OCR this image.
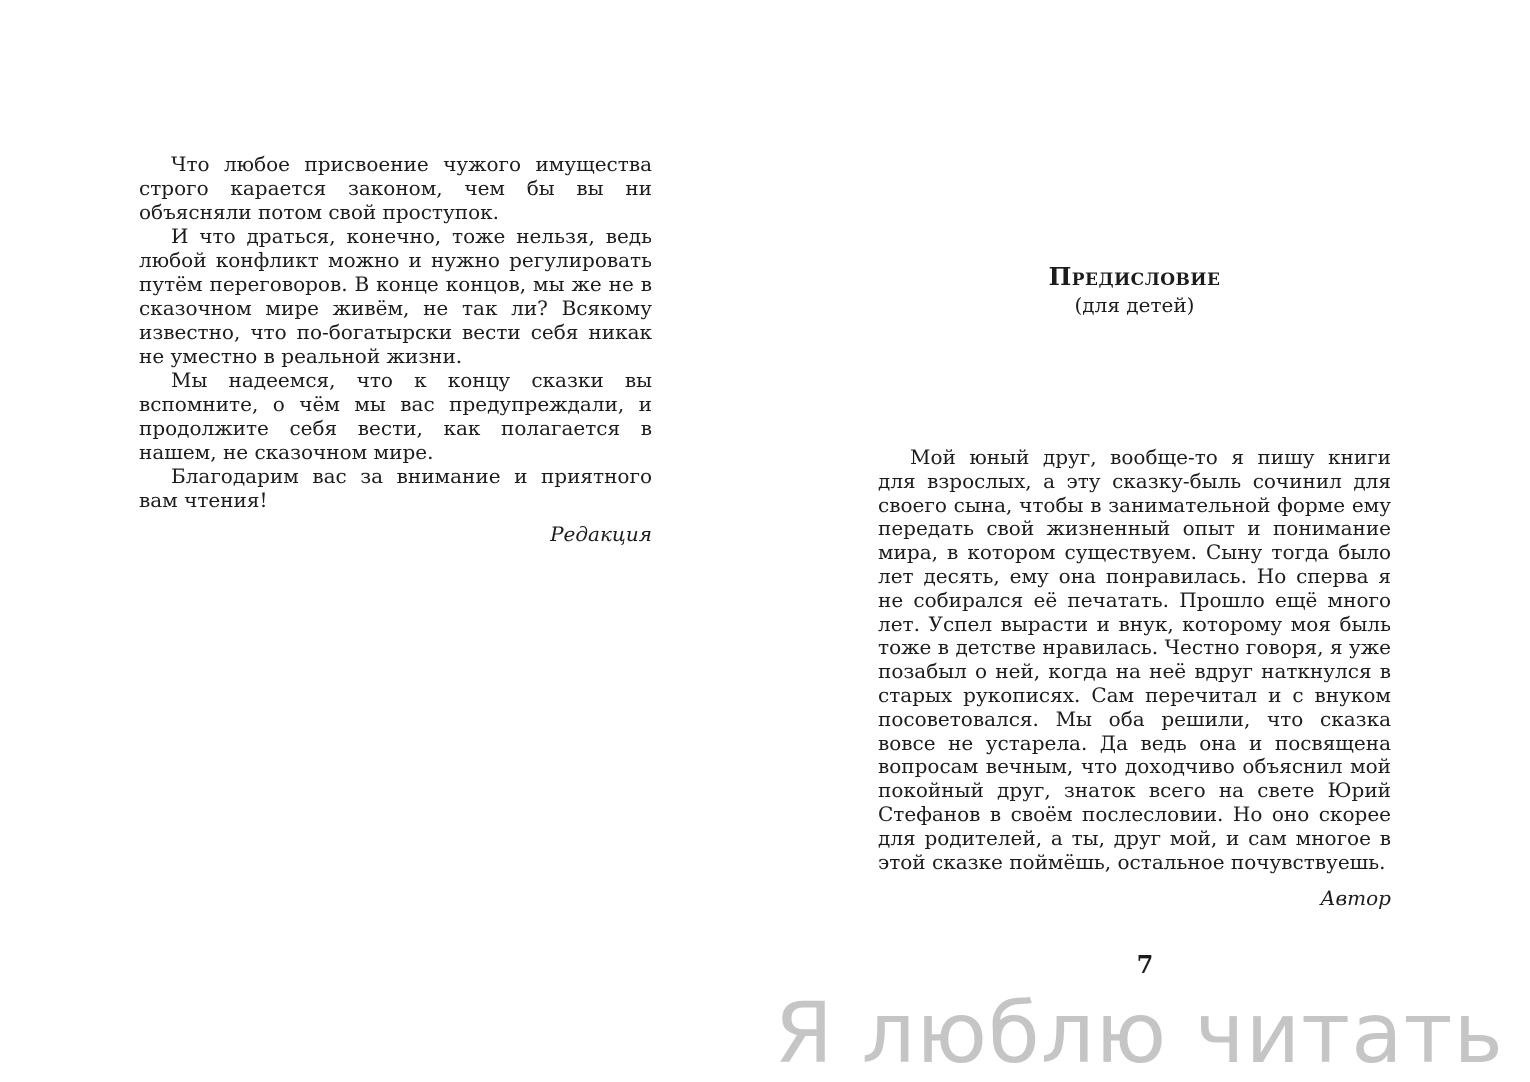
Что любое присвоение чужого имущества строго карается законом, чем бы вы ни объясняли потом свой проступок.

И что драться, конечно, тоже нельзя, ведь любой конфликт можно и нужно регулировать путём переговоров. В конце концов, мы же не в сказочном мире живём, не так ли? Всякому известно, что по-богатырски вести себя никак не уместно в реальной жизни.

Мы надеемся, что к концу сказки вы вспомните, о чём мы вас предупреждали, и продолжите себя вести, как полагается в нашем, не сказочном мире.

Благодарим вас за внимание и приятного вам чтения!

Редакция

Предисловие

(для детей)

Мой юный друг, вообще-то я пишу книги для взрослых, а эту сказку-быль сочинил для своего сына, чтобы в занимательной форме ему передать свой жизненный опыт и понимание мира, в котором существуем. Сыну тогда было лет десять, ему она понравилась. Но сперва я не собирался её печатать. Прошло ещё много лет. Успел вырасти и внук, которому моя быль тоже в детстве нравилась. Честно говоря, я уже позабыл о ней, когда на неё вдруг наткнулся в старых рукописях. Сам перечитал и с внуком посоветовался. Мы оба решили, что сказка вовсе не устарела. Да ведь она и посвящена вопросам вечным, что доходчиво объяснил мой покойный друг, знаток всего на свете Юрий Стефанов в своём послесловии. Но оно скорее для родителей, а ты, друг мой, и сам многое в этой сказке поймёшь, остальное почувствуешь.

Автор

7
Я люблю читать
